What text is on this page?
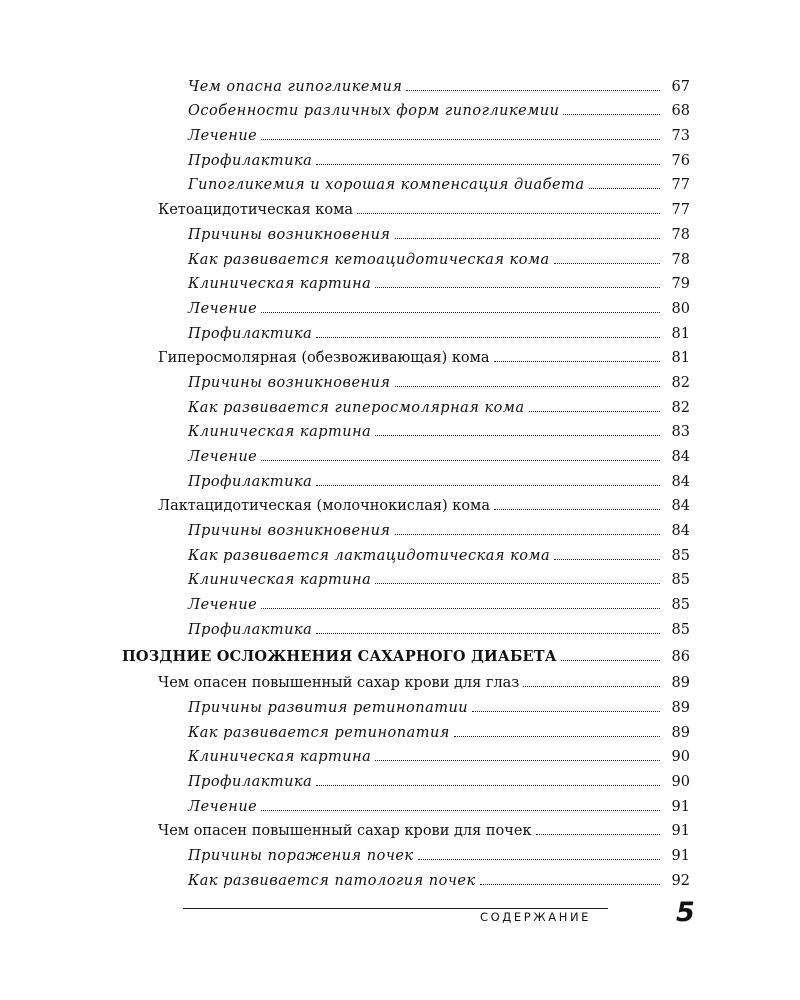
Чем опасна гипогликемия	67
Особенности различных форм гипогликемии	68
Лечение	73
Профилактика	76
Гипогликемия и хорошая компенсация диабета	77
Кетоацидотическая кома	77
Причины возникновения	78
Как развивается кетоацидотическая кома	78
Клиническая картина	79
Лечение	80
Профилактика	81
Гиперосмолярная (обезвоживающая) кома	81
Причины возникновения	82
Как развивается гиперосмолярная кома	82
Клиническая картина	83
Лечение	84
Профилактика	84
Лактацидотическая (молочнокислая) кома	84
Причины возникновения	84
Как развивается лактацидотическая кома	85
Клиническая картина	85
Лечение	85
Профилактика	85
ПОЗДНИЕ ОСЛОЖНЕНИЯ САХАРНОГО ДИАБЕТА	86
Чем опасен повышенный сахар крови для глаз	89
Причины развития ретинопатии	89
Как развивается ретинопатия	89
Клиническая картина	90
Профилактика	90
Лечение	91
Чем опасен повышенный сахар крови для почек	91
Причины поражения почек	91
Как развивается патология почек	92
СОДЕРЖАНИЕ	5
